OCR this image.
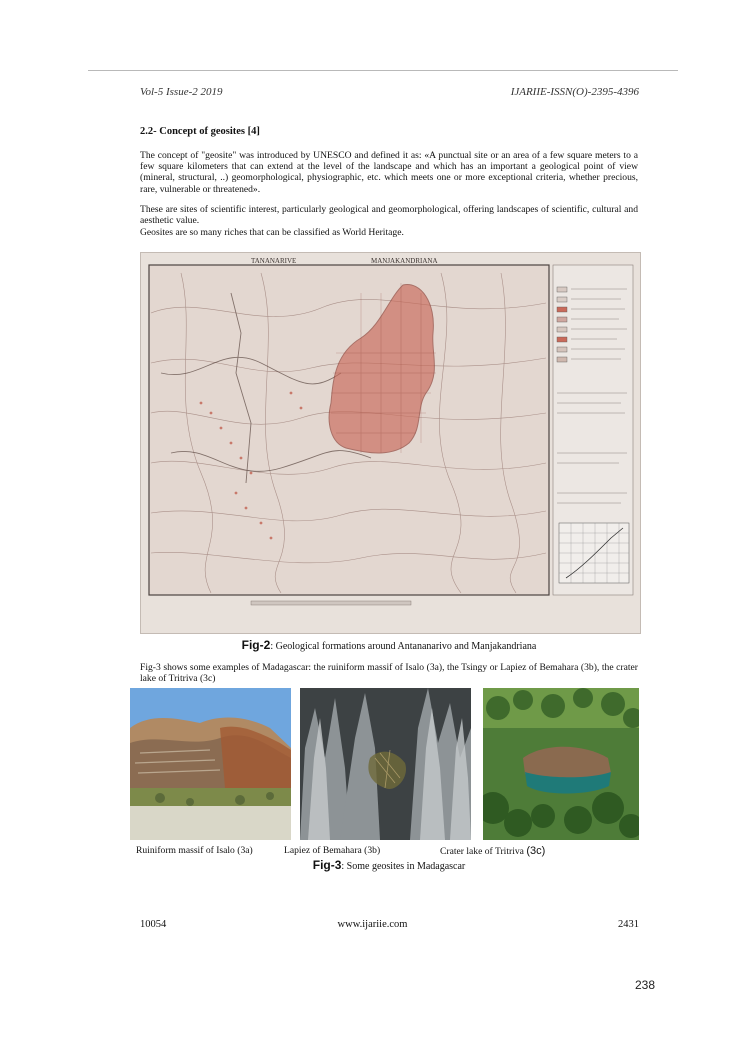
Vol-5 Issue-2 2019	IJARIIE-ISSN(O)-2395-4396
2.2- Concept of geosites [4]
The concept of "geosite" was introduced by UNESCO and defined it as: «A punctual site or an area of a few square meters to a few square kilometers that can extend at the level of the landscape and which has an important a geological point of view (mineral, structural, ..) geomorphological, physiographic, etc. which meets one or more exceptional criteria, whether precious, rare, vulnerable or threatened».
These are sites of scientific interest, particularly geological and geomorphological, offering landscapes of scientific, cultural and aesthetic value.
Geosites are so many riches that can be classified as World Heritage.
TANANARIVE	MANJAKANDRIANA
Fig-2: Geological formations around Antananarivo and Manjakandriana
Fig-3 shows some examples of Madagascar: the ruiniform massif of Isalo (3a), the Tsingy or Lapiez of Bemahara (3b), the crater lake of Tritriva (3c)
Ruiniform massif of Isalo (3a)	Lapiez of Bemahara (3b)	Crater lake of Tritriva (3c)
Fig-3: Some geosites in Madagascar
10054	www.ijariie.com	2431
238
